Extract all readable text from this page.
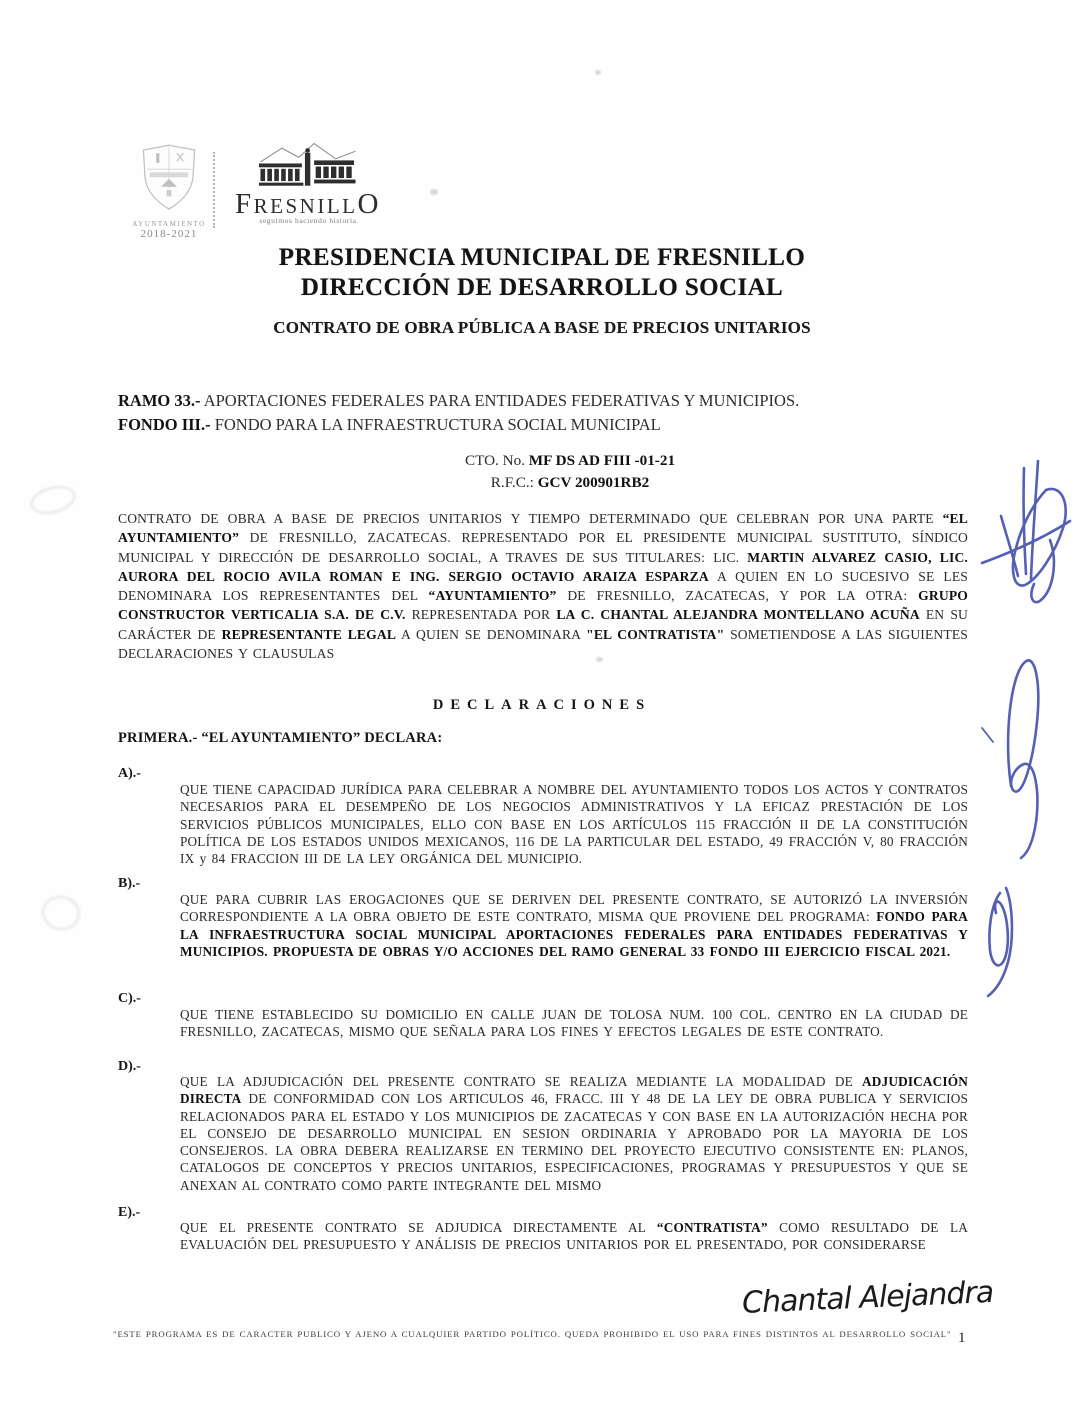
AYUNTAMIENTO
2018-2021
FRESNILLO
seguimos haciendo historia
PRESIDENCIA MUNICIPAL DE FRESNILLO
DIRECCIÓN DE DESARROLLO SOCIAL
CONTRATO DE OBRA PÚBLICA A BASE DE PRECIOS UNITARIOS
RAMO 33.- APORTACIONES FEDERALES PARA ENTIDADES FEDERATIVAS Y MUNICIPIOS.
FONDO III.- FONDO PARA LA INFRAESTRUCTURA SOCIAL MUNICIPAL
CTO. No. MF DS AD FIII -01-21
R.F.C.: GCV 200901RB2
CONTRATO DE OBRA A BASE DE PRECIOS UNITARIOS Y TIEMPO DETERMINADO QUE CELEBRAN POR UNA PARTE “EL AYUNTAMIENTO” DE FRESNILLO, ZACATECAS. REPRESENTADO POR EL PRESIDENTE MUNICIPAL SUSTITUTO, SÍNDICO MUNICIPAL Y DIRECCIÓN DE DESARROLLO SOCIAL, A TRAVES DE SUS TITULARES: LIC. MARTIN ALVAREZ CASIO, LIC. AURORA DEL ROCIO AVILA ROMAN E ING. SERGIO OCTAVIO ARAIZA ESPARZA A QUIEN EN LO SUCESIVO SE LES DENOMINARA LOS REPRESENTANTES DEL “AYUNTAMIENTO” DE FRESNILLO, ZACATECAS, Y POR LA OTRA: GRUPO CONSTRUCTOR VERTICALIA S.A. DE C.V. REPRESENTADA POR LA C. CHANTAL ALEJANDRA MONTELLANO ACUÑA EN SU CARÁCTER DE REPRESENTANTE LEGAL A QUIEN SE DENOMINARA "EL CONTRATISTA" SOMETIENDOSE A LAS SIGUIENTES DECLARACIONES Y CLAUSULAS
DECLARACIONES
PRIMERA.- “EL AYUNTAMIENTO” DECLARA:
A).-
QUE TIENE CAPACIDAD JURÍDICA PARA CELEBRAR A NOMBRE DEL AYUNTAMIENTO TODOS LOS ACTOS Y CONTRATOS NECESARIOS PARA EL DESEMPEÑO DE LOS NEGOCIOS ADMINISTRATIVOS Y LA EFICAZ PRESTACIÓN DE LOS SERVICIOS PÚBLICOS MUNICIPALES, ELLO CON BASE EN LOS ARTÍCULOS 115 FRACCIÓN II DE LA CONSTITUCIÓN POLÍTICA DE LOS ESTADOS UNIDOS MEXICANOS, 116 DE LA PARTICULAR DEL ESTADO, 49 FRACCIÓN V, 80 FRACCIÓN IX y 84 FRACCION III DE LA LEY ORGÁNICA DEL MUNICIPIO.
B).-
QUE PARA CUBRIR LAS EROGACIONES QUE SE DERIVEN DEL PRESENTE CONTRATO, SE AUTORIZÓ LA INVERSIÓN CORRESPONDIENTE A LA OBRA OBJETO DE ESTE CONTRATO, MISMA QUE PROVIENE DEL PROGRAMA: FONDO PARA LA INFRAESTRUCTURA SOCIAL MUNICIPAL APORTACIONES FEDERALES PARA ENTIDADES FEDERATIVAS Y MUNICIPIOS. PROPUESTA DE OBRAS Y/O ACCIONES DEL RAMO GENERAL 33 FONDO III EJERCICIO FISCAL 2021.
C).-
QUE TIENE ESTABLECIDO SU DOMICILIO EN CALLE JUAN DE TOLOSA NUM. 100 COL. CENTRO EN LA CIUDAD DE FRESNILLO, ZACATECAS, MISMO QUE SEÑALA PARA LOS FINES Y EFECTOS LEGALES DE ESTE CONTRATO.
D).-
QUE LA ADJUDICACIÓN DEL PRESENTE CONTRATO SE REALIZA MEDIANTE LA MODALIDAD DE ADJUDICACIÓN DIRECTA DE CONFORMIDAD CON LOS ARTICULOS 46, FRACC. III Y 48 DE LA LEY DE OBRA PUBLICA Y SERVICIOS RELACIONADOS PARA EL ESTADO Y LOS MUNICIPIOS DE ZACATECAS Y CON BASE EN LA AUTORIZACIÓN HECHA POR EL CONSEJO DE DESARROLLO MUNICIPAL EN SESION ORDINARIA Y APROBADO POR LA MAYORIA DE LOS CONSEJEROS. LA OBRA DEBERA REALIZARSE EN TERMINO DEL PROYECTO EJECUTIVO CONSISTENTE EN: PLANOS, CATALOGOS DE CONCEPTOS Y PRECIOS UNITARIOS, ESPECIFICACIONES, PROGRAMAS Y PRESUPUESTOS Y QUE SE ANEXAN AL CONTRATO COMO PARTE INTEGRANTE DEL MISMO
E).-
QUE EL PRESENTE CONTRATO SE ADJUDICA DIRECTAMENTE AL “CONTRATISTA” COMO RESULTADO DE LA EVALUACIÓN DEL PRESUPUESTO Y ANÁLISIS DE PRECIOS UNITARIOS POR EL PRESENTADO, POR CONSIDERARSE
Chantal Alejandra
"ESTE PROGRAMA ES DE CARACTER PUBLICO Y AJENO A CUALQUIER PARTIDO POLÍTICO. QUEDA PROHIBIDO EL USO PARA FINES DISTINTOS AL DESARROLLO SOCIAL" 1
